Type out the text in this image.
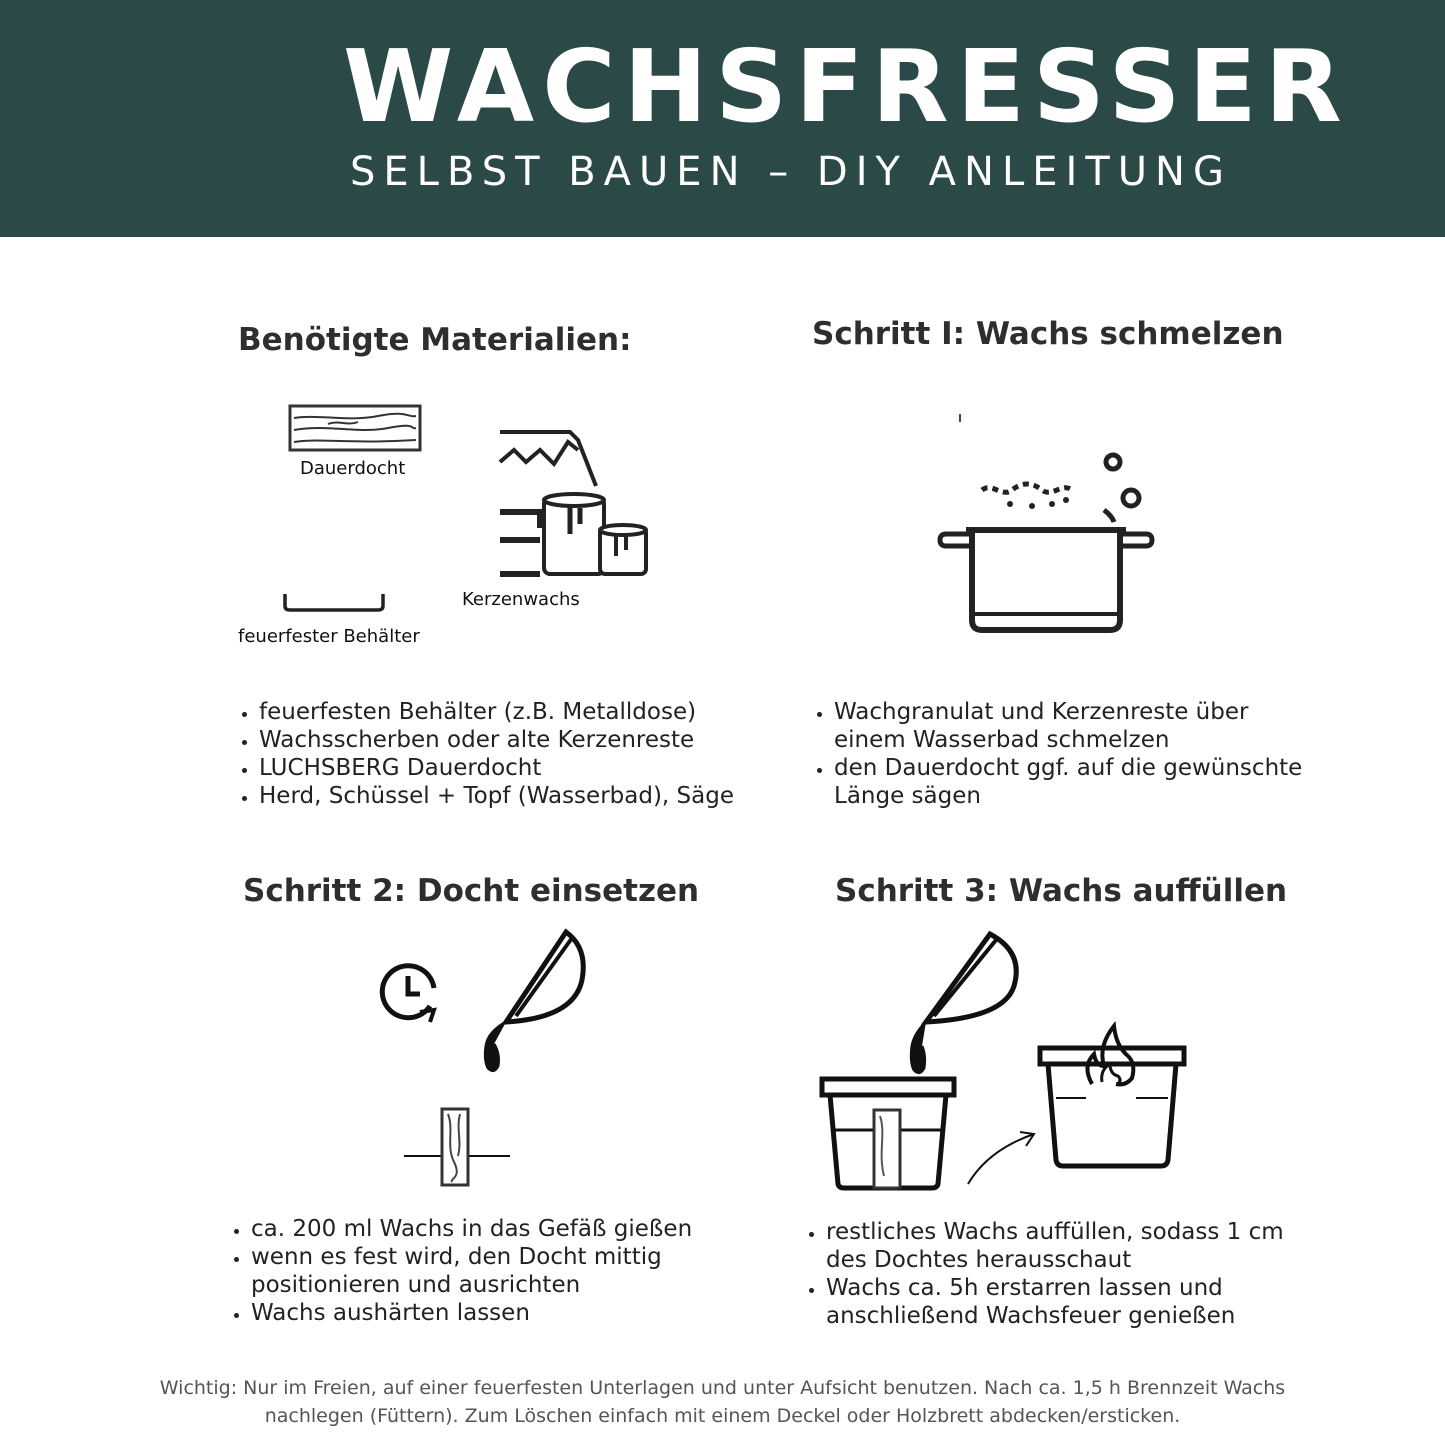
WACHSFRESSER
SELBST BAUEN – DIY ANLEITUNG
Benötigte Materialien:
Dauerdocht
feuerfester Behälter
Kerzenwachs
• feuerfesten Behälter (z.B. Metalldose)
• Wachsscherben oder alte Kerzenreste
• LUCHSBERG Dauerdocht
• Herd, Schüssel + Topf (Wasserbad), Säge
Schritt I: Wachs schmelzen
• Wachgranulat und Kerzenreste über einem Wasserbad schmelzen
• den Dauerdocht ggf. auf die gewünschte Länge sägen
Schritt 2: Docht einsetzen
• ca. 200 ml Wachs in das Gefäß gießen
• wenn es fest wird, den Docht mittig positionieren und ausrichten
• Wachs aushärten lassen
Schritt 3: Wachs auffüllen
• restliches Wachs auffüllen, sodass 1 cm des Dochtes herausschaut
• Wachs ca. 5h erstarren lassen und anschließend Wachsfeuer genießen
Wichtig: Nur im Freien, auf einer feuerfesten Unterlagen und unter Aufsicht benutzen. Nach ca. 1,5 h Brennzeit Wachs nachlegen (Füttern). Zum Löschen einfach mit einem Deckel oder Holzbrett abdecken/ersticken.
